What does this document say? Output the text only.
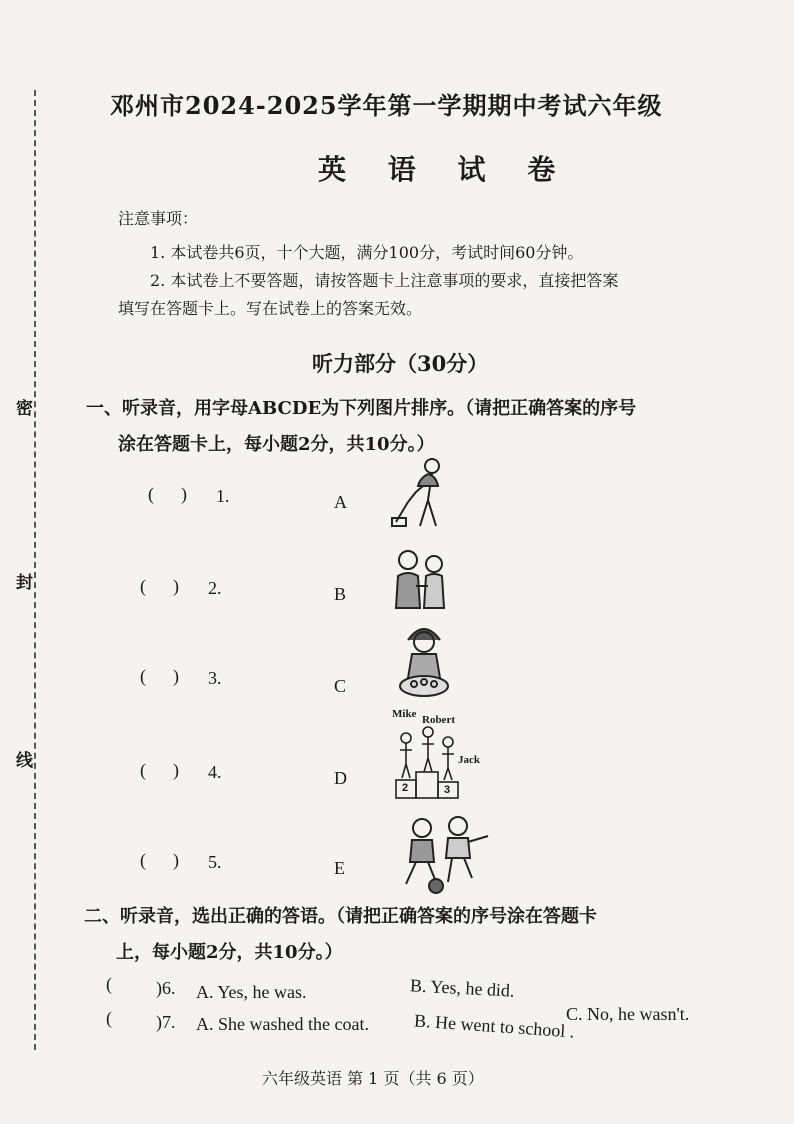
密
封
线
邓州市2024-2025学年第一学期期中考试六年级
英 语 试 卷
注意事项：
1. 本试卷共6页，十个大题，满分100分，考试时间60分钟。
2. 本试卷上不要答题，请按答题卡上注意事项的要求，直接把答案
填写在答题卡上。写在试卷上的答案无效。
听力部分（30分）
一、听录音，用字母ABCDE为下列图片排序。（请把正确答案的序号
涂在答题卡上，每小题2分，共10分。）
(      ) 1.	A
(      ) 2.	B
(      ) 3.	C
(      ) 4.	D
(      ) 5.	E
Mike Robert
Jack
2	3
二、听录音，选出正确的答语。（请把正确答案的序号涂在答题卡
上，每小题2分，共10分。）
( )6. A. Yes, he was.	B. Yes, he did.
C. No, he wasn't.
( )7. A. She washed the coat. B. He went to school .
六年级英语 第 1 页（共 6 页）
